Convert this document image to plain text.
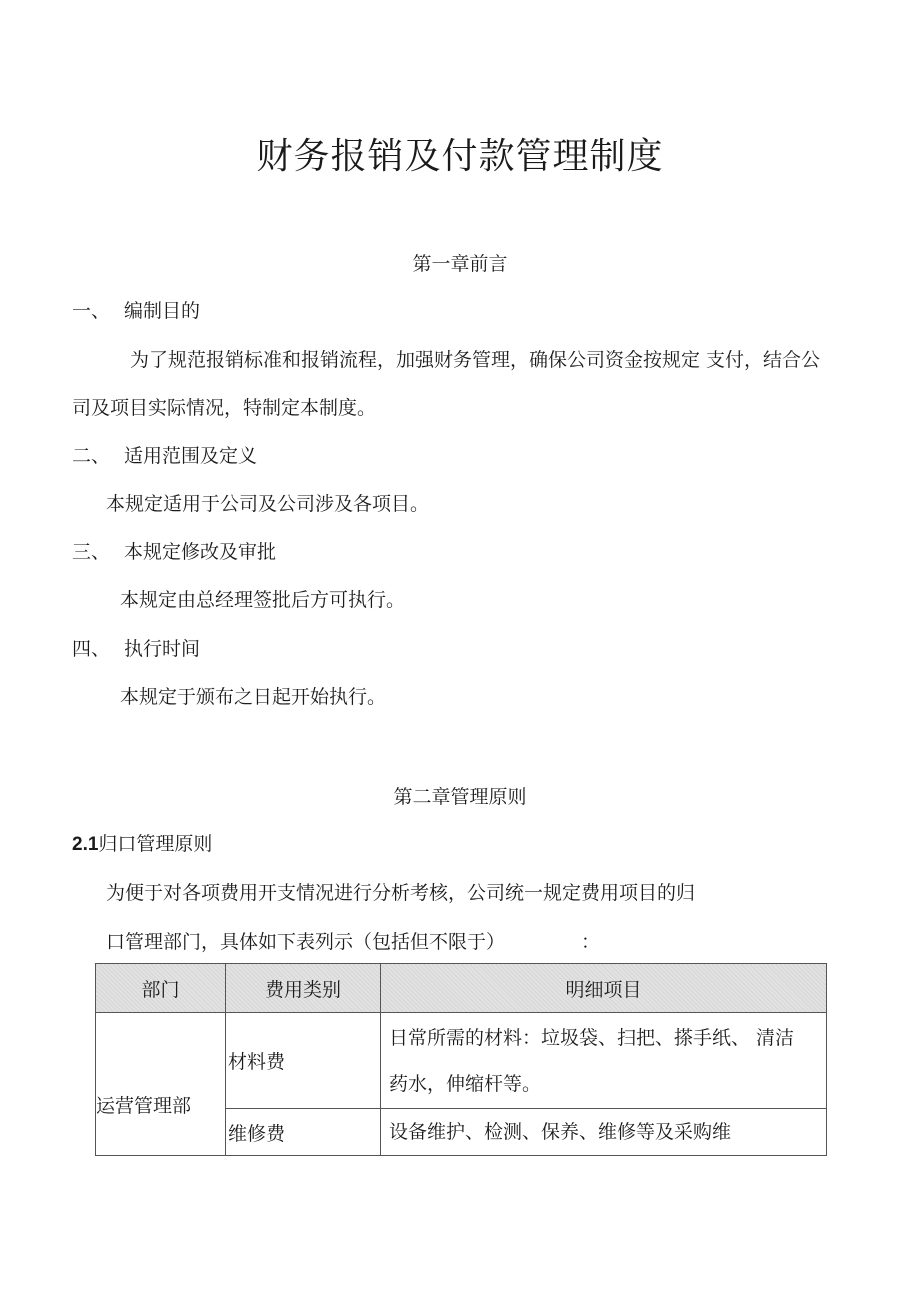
财务报销及付款管理制度
第一章前言
一、 编制目的
为了规范报销标准和报销流程，加强财务管理，确保公司资金按规定 支付，结合公
司及项目实际情况，特制定本制度。
二、 适用范围及定义
本规定适用于公司及公司涉及各项目。
三、 本规定修改及审批
本规定由总经理签批后方可执行。
四、 执行时间
本规定于颁布之日起开始执行。
第二章管理原则
2.1归口管理原则
为便于对各项费用开支情况进行分析考核，公司统一规定费用项目的归
口管理部门，具体如下表列示（包括但不限于）	：
部门	费用类别	明细项目

运营管理部	材料费	日常所需的材料：垃圾袋、扫把、搽手纸、 清洁
药水，伸缩杆等。

	维修费	设备维护、检测、保养、维修等及采购维
